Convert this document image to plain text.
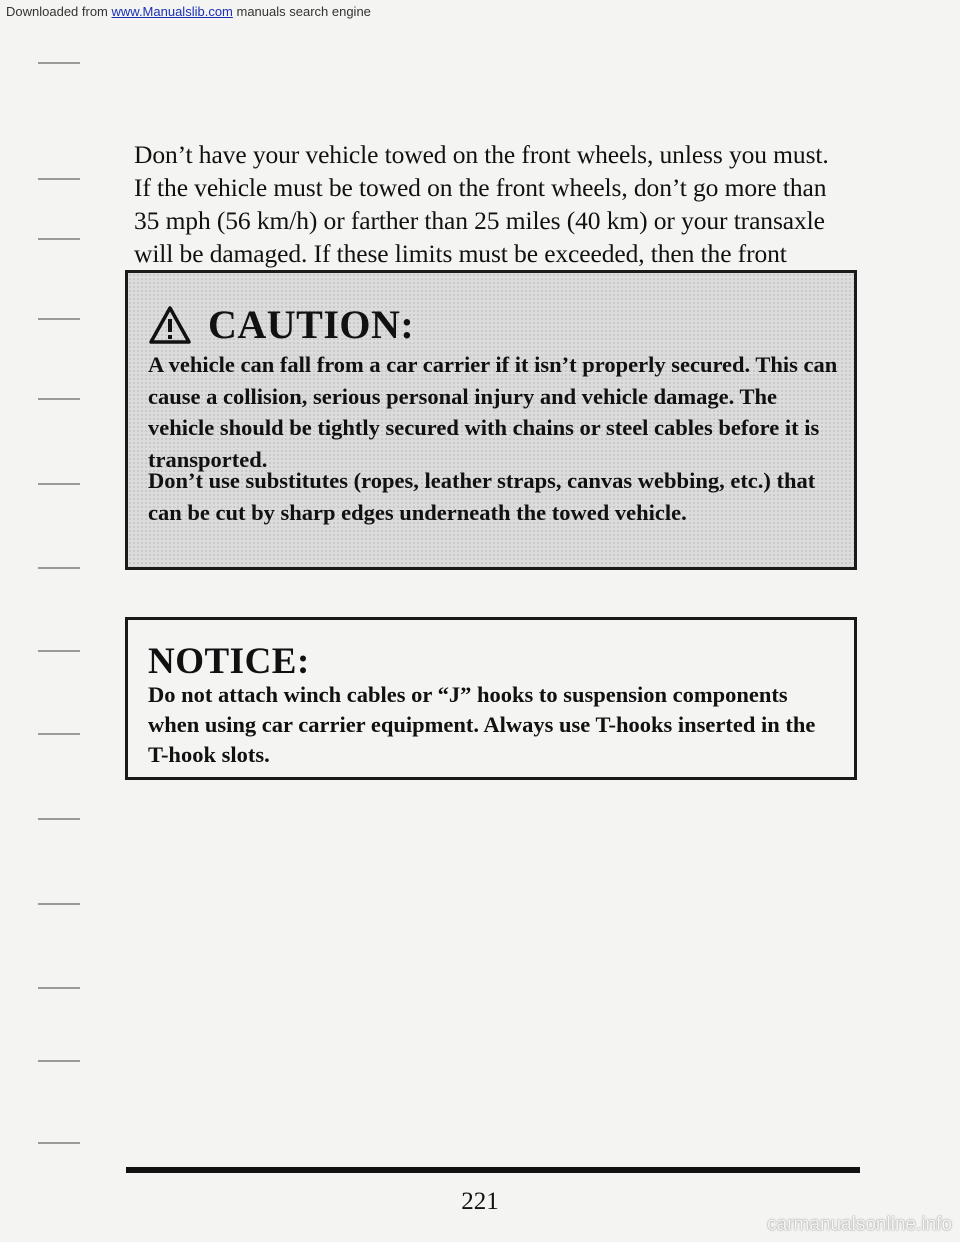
Downloaded from www.Manualslib.com manuals search engine

Don’t have your vehicle towed on the front wheels, unless you must. If the vehicle must be towed on the front wheels, don’t go more than 35 mph (56 km/h) or farther than 25 miles (40 km) or your transaxle will be damaged. If these limits must be exceeded, then the front

CAUTION:

A vehicle can fall from a car carrier if it isn’t properly secured. This can cause a collision, serious personal injury and vehicle damage. The vehicle should be tightly secured with chains or steel cables before it is transported.

Don’t use substitutes (ropes, leather straps, canvas webbing, etc.) that can be cut by sharp edges underneath the towed vehicle.

NOTICE:

Do not attach winch cables or “J” hooks to suspension components when using car carrier equipment. Always use T-hooks inserted in the T-hook slots.

221
carmanualsonline.info
